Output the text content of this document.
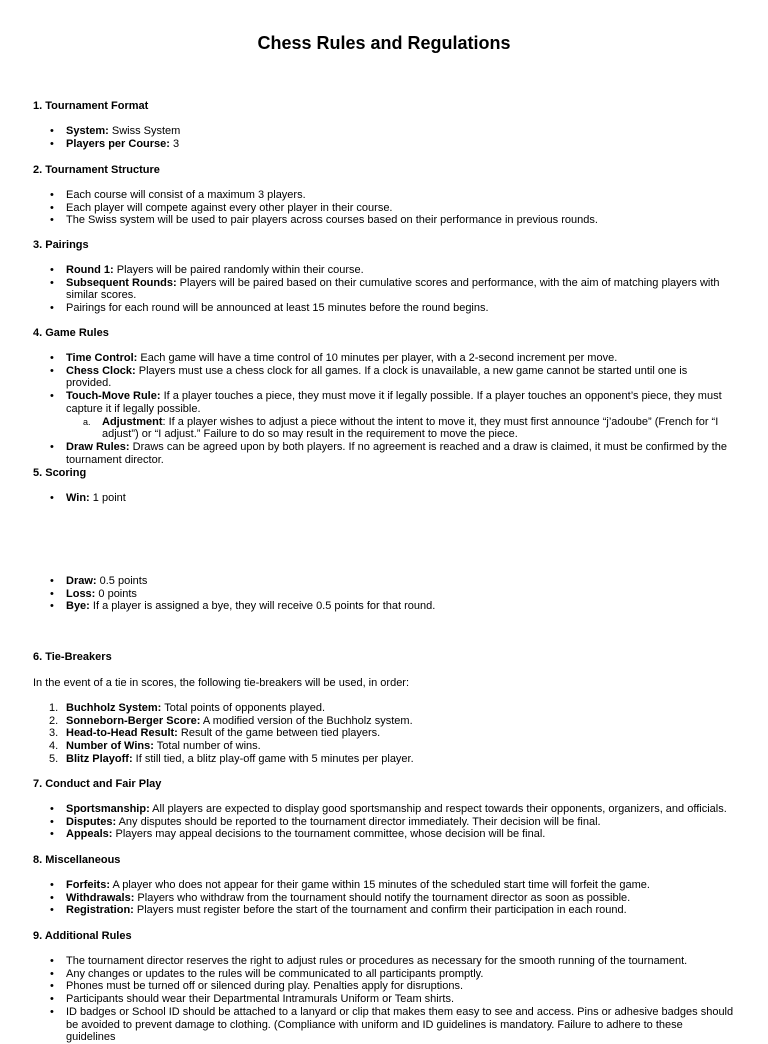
Chess Rules and Regulations
1. Tournament Format
• System: Swiss System
• Players per Course: 3
2. Tournament Structure
• Each course will consist of a maximum 3 players.
• Each player will compete against every other player in their course.
• The Swiss system will be used to pair players across courses based on their performance in previous rounds.
3. Pairings
• Round 1: Players will be paired randomly within their course.
• Subsequent Rounds: Players will be paired based on their cumulative scores and performance, with the aim of matching players with similar scores.
• Pairings for each round will be announced at least 15 minutes before the round begins.
4. Game Rules
• Time Control: Each game will have a time control of 10 minutes per player, with a 2-second increment per move.
• Chess Clock: Players must use a chess clock for all games. If a clock is unavailable, a new game cannot be started until one is provided.
• Touch-Move Rule: If a player touches a piece, they must move it if legally possible. If a player touches an opponent’s piece, they must capture it if legally possible.
a. Adjustment: If a player wishes to adjust a piece without the intent to move it, they must first announce “j’adoube” (French for “I adjust”) or “I adjust.” Failure to do so may result in the requirement to move the piece.
• Draw Rules: Draws can be agreed upon by both players. If no agreement is reached and a draw is claimed, it must be confirmed by the tournament director.
5. Scoring
• Win: 1 point
• Draw: 0.5 points
• Loss: 0 points
• Bye: If a player is assigned a bye, they will receive 0.5 points for that round.
6. Tie-Breakers
In the event of a tie in scores, the following tie-breakers will be used, in order:
1. Buchholz System: Total points of opponents played.
2. Sonneborn-Berger Score: A modified version of the Buchholz system.
3. Head-to-Head Result: Result of the game between tied players.
4. Number of Wins: Total number of wins.
5. Blitz Playoff: If still tied, a blitz play-off game with 5 minutes per player.
7. Conduct and Fair Play
• Sportsmanship: All players are expected to display good sportsmanship and respect towards their opponents, organizers, and officials.
• Disputes: Any disputes should be reported to the tournament director immediately. Their decision will be final.
• Appeals: Players may appeal decisions to the tournament committee, whose decision will be final.
8. Miscellaneous
• Forfeits: A player who does not appear for their game within 15 minutes of the scheduled start time will forfeit the game.
• Withdrawals: Players who withdraw from the tournament should notify the tournament director as soon as possible.
• Registration: Players must register before the start of the tournament and confirm their participation in each round.
9. Additional Rules
• The tournament director reserves the right to adjust rules or procedures as necessary for the smooth running of the tournament.
• Any changes or updates to the rules will be communicated to all participants promptly.
• Phones must be turned off or silenced during play. Penalties apply for disruptions.
• Participants should wear their Departmental Intramurals Uniform or Team shirts.
• ID badges or School ID should be attached to a lanyard or clip that makes them easy to see and access. Pins or adhesive badges should be avoided to prevent damage to clothing. (Compliance with uniform and ID guidelines is mandatory. Failure to adhere to these guidelines
